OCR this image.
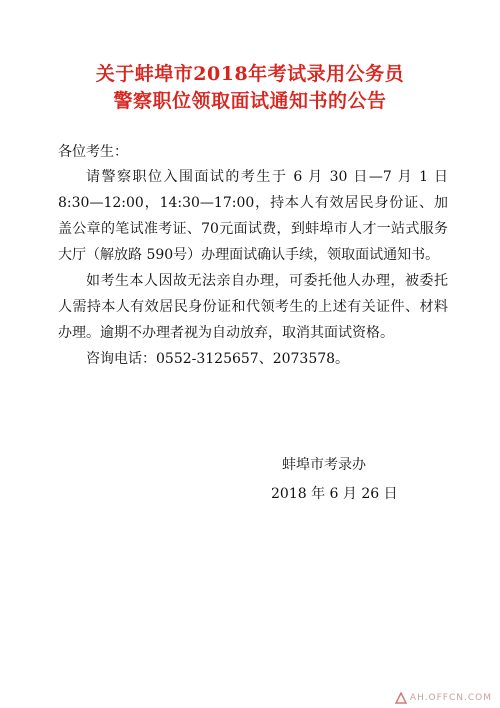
关于蚌埠市2018年考试录用公务员
警察职位领取面试通知书的公告
各位考生：
请警察职位入围面试的考生于 6 月 30 日—7 月 1 日 8:30—12:00，14:30—17:00，持本人有效居民身份证、加盖公章的笔试准考证、70元面试费，到蚌埠市人才一站式服务大厅（解放路 590号）办理面试确认手续，领取面试通知书。
如考生本人因故无法亲自办理，可委托他人办理，被委托人需持本人有效居民身份证和代领考生的上述有关证件、材料办理。逾期不办理者视为自动放弃，取消其面试资格。
咨询电话：0552-3125657、2073578。
蚌埠市考录办
2018 年 6 月 26 日
AH.OFFCN.COM
